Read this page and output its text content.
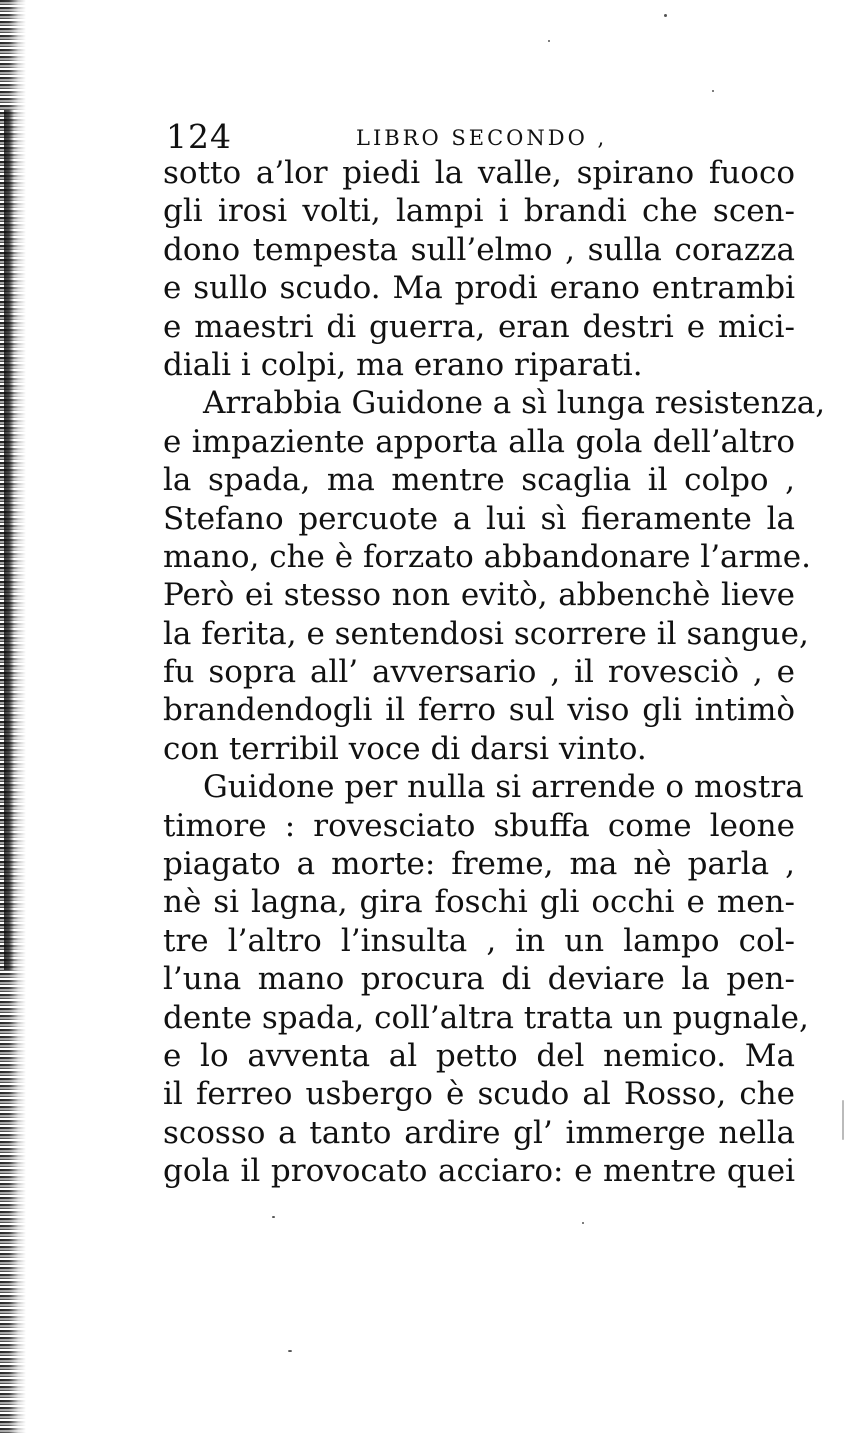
124	LIBRO SECONDO ,
sotto a’lor piedi la valle, spirano fuoco
gli irosi volti, lampi i brandi che scen-
dono tempesta sull’elmo , sulla corazza
e sullo scudo. Ma prodi erano entrambi
e maestri di guerra, eran destri e mici-
diali i colpi, ma erano riparati.
Arrabbia Guidone a sì lunga resistenza,
e impaziente apporta alla gola dell’altro
la spada, ma mentre scaglia il colpo ,
Stefano percuote a lui sì fieramente la
mano, che è forzato abbandonare l’arme.
Però ei stesso non evitò, abbenchè lieve
la ferita, e sentendosi scorrere il sangue,
fu sopra all’ avversario , il rovesciò , e
brandendogli il ferro sul viso gli intimò
con terribil voce di darsi vinto.
Guidone per nulla si arrende o mostra
timore : rovesciato sbuffa come leone
piagato a morte: freme, ma nè parla ,
nè si lagna, gira foschi gli occhi e men-
tre l’altro l’insulta , in un lampo col-
l’una mano procura di deviare la pen-
dente spada, coll’altra tratta un pugnale,
e lo avventa al petto del nemico. Ma
il ferreo usbergo è scudo al Rosso, che
scosso a tanto ardire gl’ immerge nella
gola il provocato acciaro: e mentre quei
